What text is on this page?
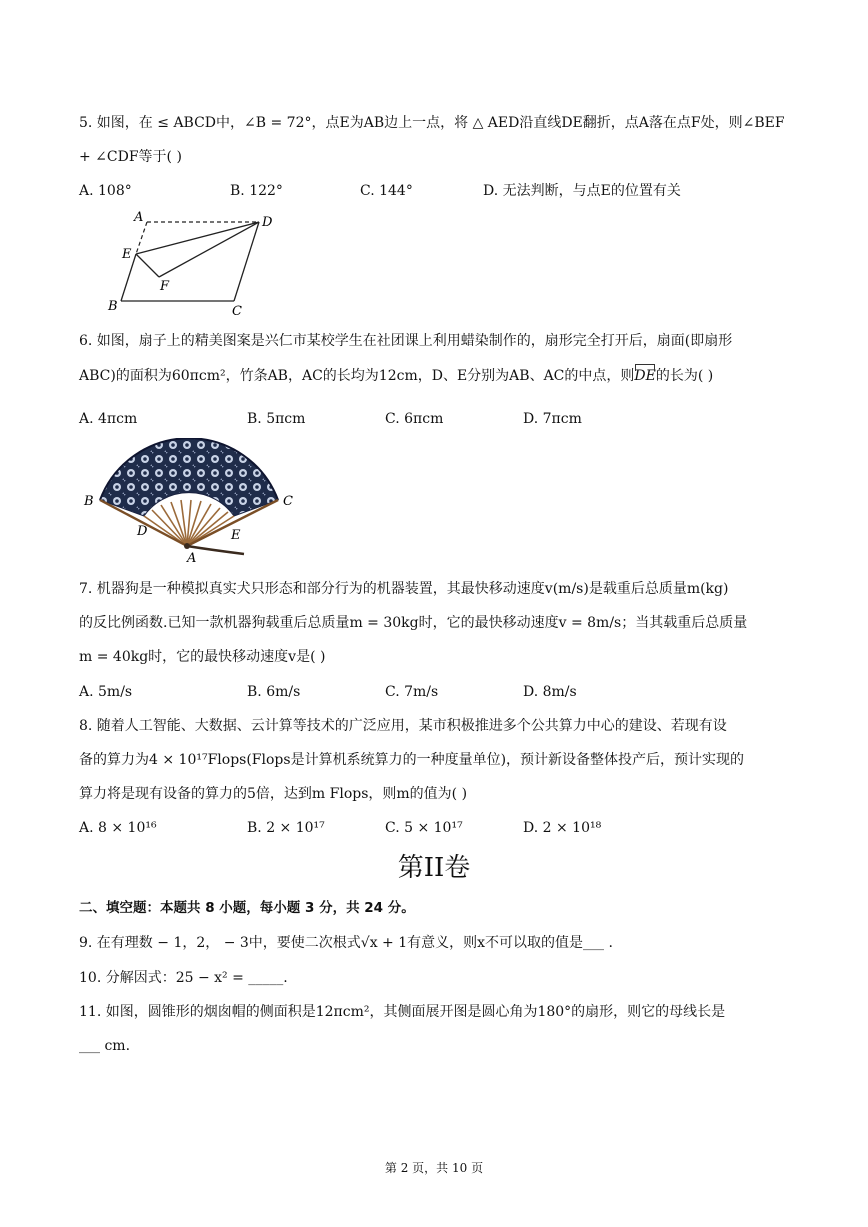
5. 如图，在 ≤ ABCD中，∠B = 72°，点E为AB边上一点，将 △ AED沿直线DE翻折，点A落在点F处，则∠BEF
+ ∠CDF等于( )
A. 108°	B. 122°	C. 144°	D. 无法判断，与点E的位置有关
A	D
E
F
B	C
6. 如图，扇子上的精美图案是兴仁市某校学生在社团课上利用蜡染制作的，扇形完全打开后，扇面(即扇形
ABC)的面积为60πcm²，竹条AB，AC的长均为12cm，D、E分别为AB、AC的中点，则
DE的长为( )
A. 4πcm	B. 5πcm	C. 6πcm	D. 7πcm
B	C
D	E
A
7. 机器狗是一种模拟真实犬只形态和部分行为的机器装置，其最快移动速度v(m/s)是载重后总质量m(kg)
的反比例函数.已知一款机器狗载重后总质量m = 30kg时，它的最快移动速度v = 8m/s；当其载重后总质量
m = 40kg时，它的最快移动速度v是( )
A. 5m/s	B. 6m/s	C. 7m/s	D. 8m/s
8. 随着人工智能、大数据、云计算等技术的广泛应用，某市积极推进多个公共算力中心的建设、若现有设
备的算力为4 × 10¹⁷Flops(Flops是计算机系统算力的一种度量单位)，预计新设备整体投产后，预计实现的
算力将是现有设备的算力的5倍，达到m Flops，则m的值为( )
A. 8 × 10¹⁶	B. 2 × 10¹⁷	C. 5 × 10¹⁷	D. 2 × 10¹⁸
第II卷
二、填空题：本题共 8 小题，每小题 3 分，共 24 分。
9. 在有理数 − 1，2， − 3中，要使二次根式√x + 1有意义，则x不可以取的值是___ .
10. 分解因式：25 − x² = _____.
11. 如图，圆锥形的烟囱帽的侧面积是12πcm²，其侧面展开图是圆心角为180°的扇形，则它的母线长是
___ cm.
第 2 页，共 10 页
